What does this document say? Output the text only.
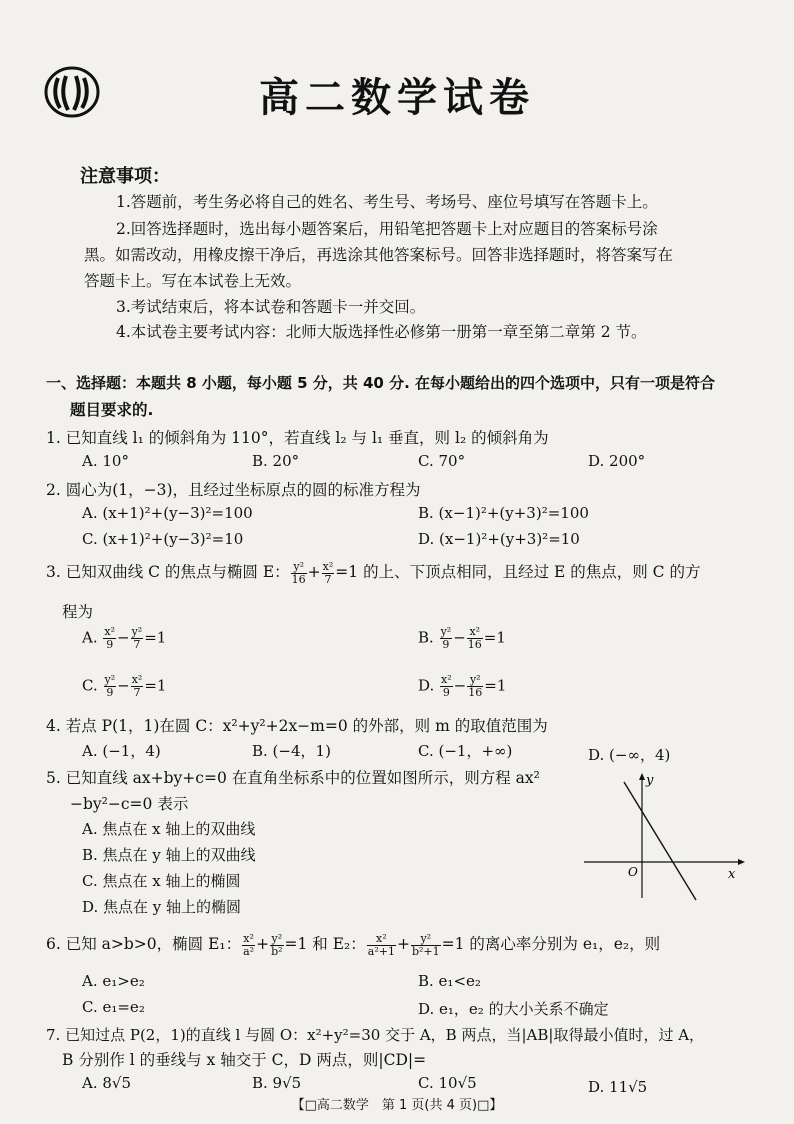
高二数学试卷
注意事项：
1.答题前，考生务必将自己的姓名、考生号、考场号、座位号填写在答题卡上。
2.回答选择题时，选出每小题答案后，用铅笔把答题卡上对应题目的答案标号涂
黑。如需改动，用橡皮擦干净后，再选涂其他答案标号。回答非选择题时，将答案写在
答题卡上。写在本试卷上无效。
3.考试结束后，将本试卷和答题卡一并交回。
4.本试卷主要考试内容：北师大版选择性必修第一册第一章至第二章第 2 节。
一、选择题：本题共 8 小题，每小题 5 分，共 40 分. 在每小题给出的四个选项中，只有一项是符合
题目要求的.
1. 已知直线 l₁ 的倾斜角为 110°，若直线 l₂ 与 l₁ 垂直，则 l₂ 的倾斜角为
A. 10°	B. 20°	C. 70°	D. 200°
2. 圆心为(1，−3)，且经过坐标原点的圆的标准方程为
A. (x+1)²+(y−3)²=100	B. (x−1)²+(y+3)²=100
C. (x+1)²+(y−3)²=10	D. (x−1)²+(y+3)²=10
3. 已知双曲线 C 的焦点与椭圆 E： $\frac{\text{y²}}{16} + \frac{\text{x²}}{7} =1$ 的上、下顶点相同，且经过 E 的焦点，则 C 的方
程为
A. $\frac{\text{x²}}{9} - \frac{\text{y²}}{7} =1$	B. $\frac{\text{y²}}{9} - \frac{\text{x²}}{16} =1$
C. $\frac{\text{y²}}{9} - \frac{\text{x²}}{7} =1$	D. $\frac{\text{x²}}{9} - \frac{\text{y²}}{16} =1$
4. 若点 P(1，1)在圆 C：x²+y²+2x−m=0 的外部，则 m 的取值范围为
A. (−1，4)	B. (−4，1)	C. (−1，+∞)	D. (−∞，4)
5. 已知直线 ax+by+c=0 在直角坐标系中的位置如图所示，则方程 ax²
−by²−c=0 表示
A. 焦点在 x 轴上的双曲线
B. 焦点在 y 轴上的双曲线
C. 焦点在 x 轴上的椭圆
D. 焦点在 y 轴上的椭圆
y
x
O
6. 已知 a>b>0，椭圆 E₁： $\frac{\text{x²}}{\text{a²}} + \frac{\text{y²}}{\text{b²}} =1$ 和 E₂： $\frac{\text{x²}}{\text{a²+1}} + \frac{\text{y²}}{\text{b²+1}} =1$ 的离心率分别为 e₁，e₂，则
A. e₁>e₂	B. e₁<e₂
C. e₁=e₂	D. e₁，e₂ 的大小关系不确定
7. 已知过点 P(2，1)的直线 l 与圆 O：x²+y²=30 交于 A，B 两点，当|AB|取得最小值时，过 A，
B 分别作 l 的垂线与 x 轴交于 C，D 两点，则|CD|=
A. 8√5	B. 9√5	C. 10√5	D. 11√5
【□高二数学　第 1 页(共 4 页)□】
